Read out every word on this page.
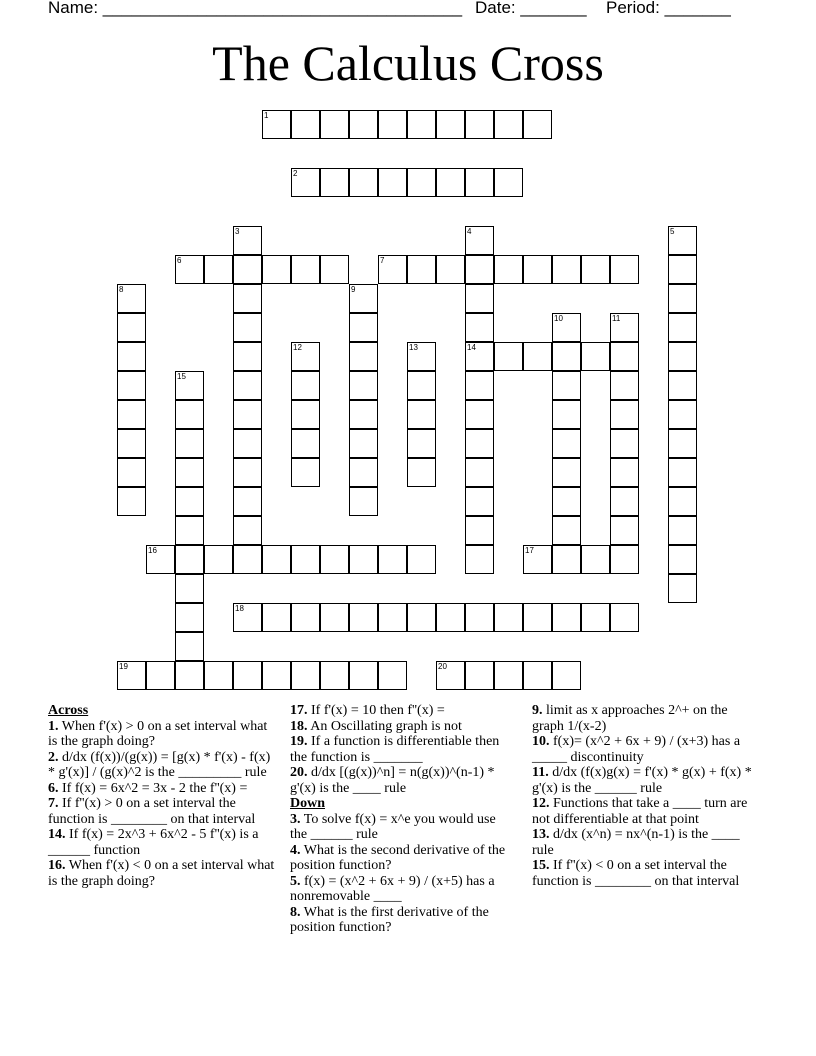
Name: ______________________________________ Date: _______ Period: _______
The Calculus Cross
1
2
3	4	5
6	7
8	9
10	11
12	13	14
15
16	17
18
19	20

Across

1. When f'(x) > 0 on a set interval what is the graph doing?

2. d/dx (f(x))/(g(x)) = [g(x) * f'(x) - f(x) * g'(x)] / (g(x)^2 is the _________ rule

6. If f(x) = 6x^2 = 3x - 2 the f''(x) =

7. If f''(x) > 0 on a set interval the function is ________ on that interval

14. If f(x) = 2x^3 + 6x^2 - 5 f''(x) is a ______ function

16. When f'(x) < 0 on a set interval what is the graph doing?

17. If f'(x) = 10 then f''(x) =

18. An Oscillating graph is not

19. If a function is differentiable then the function is _______

20. d/dx [(g(x))^n] = n(g(x))^(n-1) * g'(x) is the ____ rule

Down

3. To solve f(x) = x^e you would use the ______ rule

4. What is the second derivative of the position function?

5. f(x) = (x^2 + 6x + 9) / (x+5) has a nonremovable ____

8. What is the first derivative of the position function?

9. limit as x approaches 2^+ on the graph 1/(x-2)

10. f(x)= (x^2 + 6x + 9) / (x+3) has a _____ discontinuity

11. d/dx (f(x)g(x) = f'(x) * g(x) + f(x) * g'(x) is the ______ rule

12. Functions that take a ____ turn are not differentiable at that point

13. d/dx (x^n) = nx^(n-1) is the ____ rule

15. If f''(x) < 0 on a set interval the function is ________ on that interval
